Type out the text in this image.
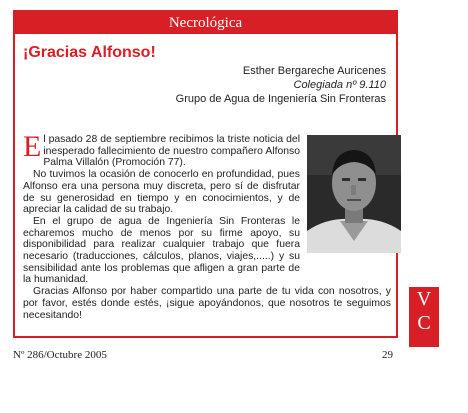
Necrológica
¡Gracias Alfonso!
Esther Bergareche Auricenes
Colegiada nº 9.110
Grupo de Agua de Ingeniería Sin Fronteras

El pasado 28 de septiembre recibimos la triste noticia del inesperado fallecimiento de nuestro compañero Alfonso Palma Villalón (Promoción 77).

No tuvimos la ocasión de conocerlo en profundidad, pues Alfonso era una persona muy discreta, pero sí de disfrutar de su generosidad en tiempo y en conocimientos, y de apreciar la calidad de su trabajo.

En el grupo de agua de Ingeniería Sin Fronteras le echaremos mucho de menos por su firme apoyo, su disponibilidad para realizar cualquier trabajo que fuera necesario (traducciones, cálculos, planos, viajes,.....) y su sensibilidad ante los problemas que afligen a gran parte de la humanidad.

Gracias Alfonso por haber compartido una parte de tu vida con nosotros, y por favor, estés donde estés, ¡sigue apoyándonos, que nosotros te seguimos necesitando!

Nº 286/Octubre 2005	29
V
C
